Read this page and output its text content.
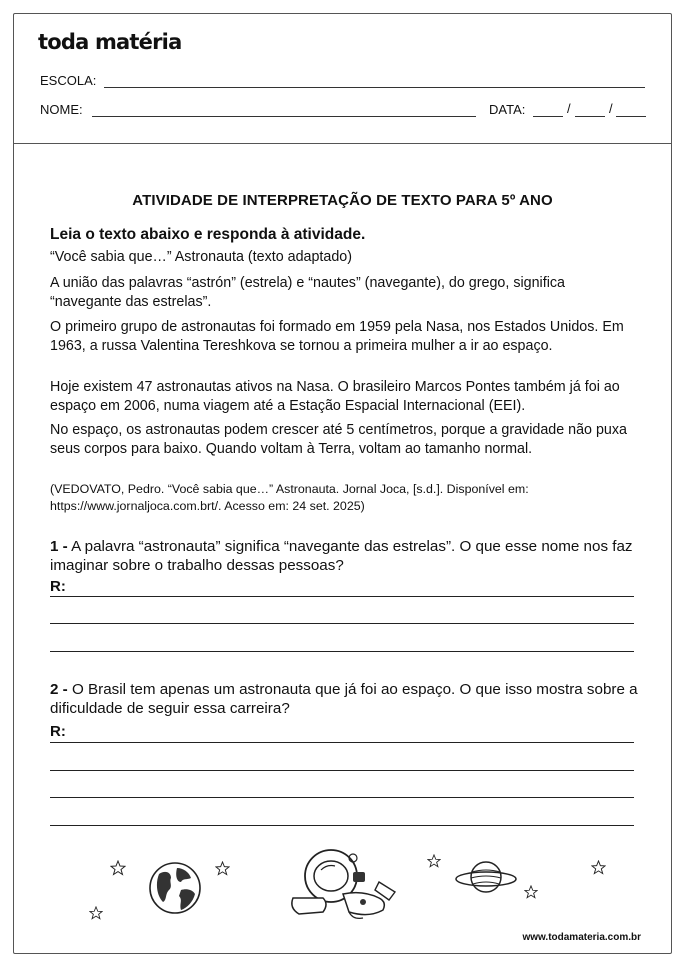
toda matéria
ESCOLA:
NOME:	DATA:	/	/
ATIVIDADE DE INTERPRETAÇÃO DE TEXTO PARA 5º ANO
Leia o texto abaixo e responda à atividade.
“Você sabia que…” Astronauta (texto adaptado)
A união das palavras “astrón” (estrela) e “nautes” (navegante), do grego, significa “navegante das estrelas”.
O primeiro grupo de astronautas foi formado em 1959 pela Nasa, nos Estados Unidos. Em 1963, a russa Valentina Tereshkova se tornou a primeira mulher a ir ao espaço.
Hoje existem 47 astronautas ativos na Nasa. O brasileiro Marcos Pontes também já foi ao espaço em 2006, numa viagem até a Estação Espacial Internacional (EEI).
No espaço, os astronautas podem crescer até 5 centímetros, porque a gravidade não puxa seus corpos para baixo. Quando voltam à Terra, voltam ao tamanho normal.
(VEDOVATO, Pedro. “Você sabia que…” Astronauta. Jornal Joca, [s.d.]. Disponível em: https://www.jornaljoca.com.brt/. Acesso em: 24 set. 2025)
1 - A palavra “astronauta” significa “navegante das estrelas”. O que esse nome nos faz imaginar sobre o trabalho dessas pessoas?
R:
2 - O Brasil tem apenas um astronauta que já foi ao espaço. O que isso mostra sobre a dificuldade de seguir essa carreira?
R:
www.todamateria.com.br
